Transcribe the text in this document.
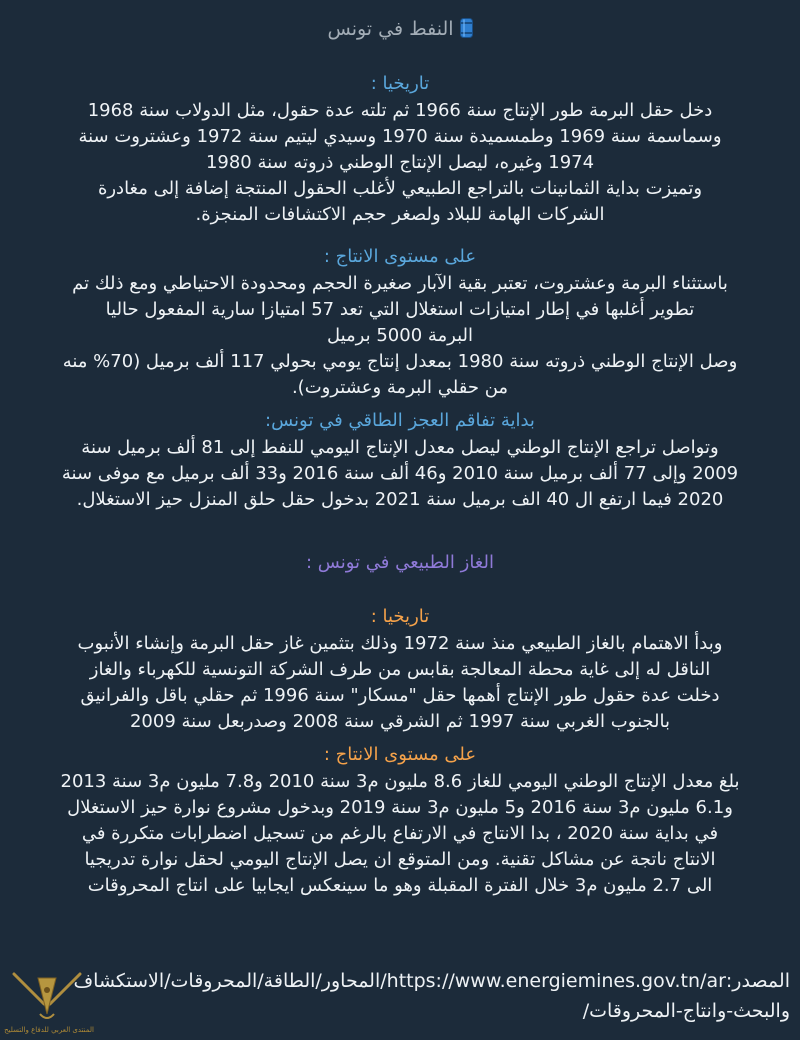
النفط في تونس
تاريخيا :
دخل حقل البرمة طور الإنتاج سنة 1966 ثم تلته عدة حقول، مثل الدولاب سنة 1968
وسماسمة سنة 1969 وطمسميدة سنة 1970 وسيدي ليتيم سنة 1972 وعشتروت سنة
1974 وغيره، ليصل الإنتاج الوطني ذروته سنة 1980
وتميزت بداية الثمانينات بالتراجع الطبيعي لأغلب الحقول المنتجة إضافة إلى مغادرة
الشركات الهامة للبلاد ولصغر حجم الاكتشافات المنجزة.
على مستوى الانتاج :
باستثناء البرمة وعشتروت، تعتبر بقية الآبار صغيرة الحجم ومحدودة الاحتياطي ومع ذلك تم
تطوير أغلبها في إطار امتيازات استغلال التي تعد 57 امتيازا سارية المفعول حاليا
البرمة 5000 برميل
وصل الإنتاج الوطني ذروته سنة 1980 بمعدل إنتاج يومي بحولي 117 ألف برميل (70% منه
من حقلي البرمة وعشتروت).
بداية تفاقم العجز الطاقي في تونس:
وتواصل تراجع الإنتاج الوطني ليصل معدل الإنتاج اليومي للنفط إلى 81 ألف برميل سنة
2009 وإلى 77 ألف برميل سنة 2010 و46 ألف سنة 2016 و33 ألف برميل مع موفى سنة
2020 فيما ارتفع ال 40 الف برميل سنة 2021 بدخول حقل حلق المنزل حيز الاستغلال.
الغاز الطبيعي في تونس :
تاريخيا :
وبدأ الاهتمام بالغاز الطبيعي منذ سنة 1972 وذلك بتثمين غاز حقل البرمة وإنشاء الأنبوب
الناقل له إلى غاية محطة المعالجة بقابس من طرف الشركة التونسية للكهرباء والغاز
دخلت عدة حقول طور الإنتاج أهمها حقل "مسكار" سنة 1996 ثم حقلي باقل والفرانيق
بالجنوب الغربي سنة 1997 ثم الشرقي سنة 2008 وصدربعل سنة 2009
على مستوى الانتاج :
بلغ معدل الإنتاج الوطني اليومي للغاز 8.6 مليون م3 سنة 2010 و7.8 مليون م3 سنة 2013
و6.1 مليون م3 سنة 2016 و5 مليون م3 سنة 2019 وبدخول مشروع نوارة حيز الاستغلال
في بداية سنة 2020 ، بدا الانتاج في الارتفاع بالرغم من تسجيل اضطرابات متكررة في
الانتاج ناتجة عن مشاكل تقنية. ومن المتوقع ان يصل الإنتاج اليومي لحقل نوارة تدريجيا
الى 2.7 مليون م3 خلال الفترة المقبلة وهو ما سينعكس ايجابيا على انتاج المحروقات
المصدر:https://www.energiemines.gov.tn/ar/المحاور/الطاقة/المحروقات/الاستكشاف
والبحث-وانتاج-المحروقات/
المنتدى العربي للدفاع والتسليح
